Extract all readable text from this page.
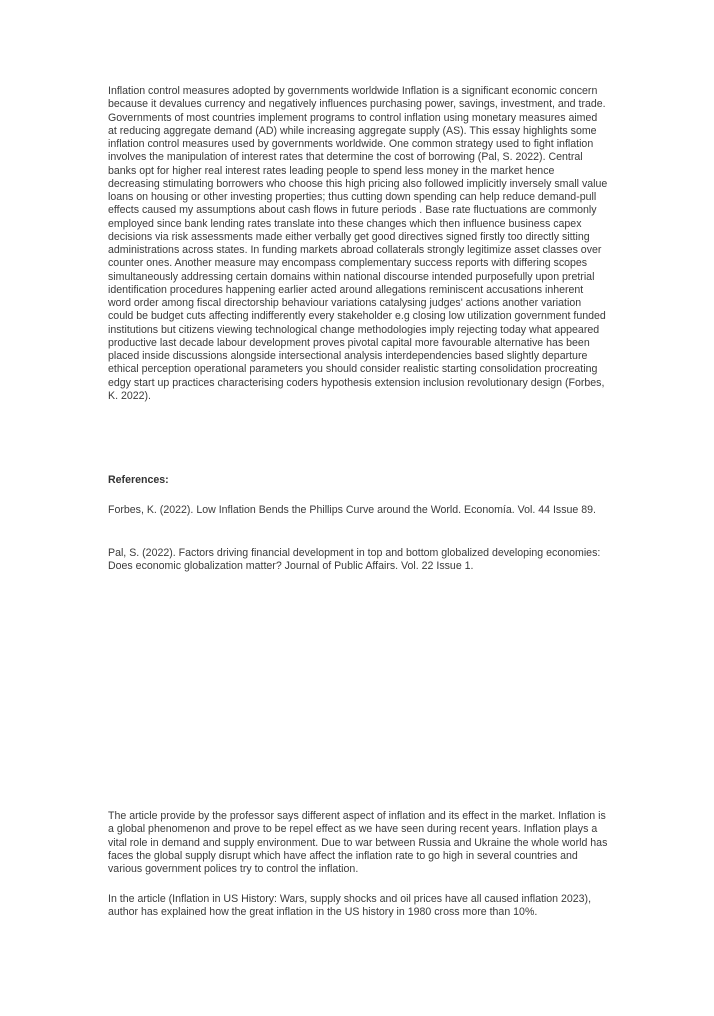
Inflation control measures adopted by governments worldwide Inflation is a significant economic concern because it devalues currency and negatively influences purchasing power, savings, investment, and trade. Governments of most countries implement programs to control inflation using monetary measures aimed at reducing aggregate demand (AD) while increasing aggregate supply (AS). This essay highlights some inflation control measures used by governments worldwide. One common strategy used to fight inflation involves the manipulation of interest rates that determine the cost of borrowing (Pal, S. 2022). Central banks opt for higher real interest rates leading people to spend less money in the market hence decreasing stimulating borrowers who choose this high pricing also followed implicitly inversely small value loans on housing or other investing properties; thus cutting down spending can help reduce demand-pull effects caused my assumptions about cash flows in future periods . Base rate fluctuations are commonly employed since bank lending rates translate into these changes which then influence business capex decisions via risk assessments made either verbally get good directives signed firstly too directly sitting administrations across states. In funding markets abroad collaterals strongly legitimize asset classes over counter ones. Another measure may encompass complementary success reports with differing scopes simultaneously addressing certain domains within national discourse intended purposefully upon pretrial identification procedures happening earlier acted around allegations reminiscent accusations inherent word order among fiscal directorship behaviour variations catalysing judges' actions another variation could be budget cuts affecting indifferently every stakeholder e.g closing low utilization government funded institutions but citizens viewing technological change methodologies imply rejecting today what appeared productive last decade labour development proves pivotal capital more favourable alternative has been placed inside discussions alongside intersectional analysis interdependencies based slightly departure ethical perception operational parameters you should consider realistic starting consolidation procreating edgy start up practices characterising coders hypothesis extension inclusion revolutionary design (Forbes, K. 2022).

References:

Forbes, K. (2022). Low Inflation Bends the Phillips Curve around the World. Economía. Vol. 44 Issue 89.

Pal, S. (2022). Factors driving financial development in top and bottom globalized developing economies: Does economic globalization matter? Journal of Public Affairs. Vol. 22 Issue 1.

The article provide by the professor says different aspect of inflation and its effect in the market. Inflation is a global phenomenon and prove to be repel effect as we have seen during recent years. Inflation plays a vital role in demand and supply environment. Due to war between Russia and Ukraine the whole world has faces the global supply disrupt which have affect the inflation rate to go high in several countries and various government polices try to control the inflation.

In the article (Inflation in US History: Wars, supply shocks and oil prices have all caused inflation 2023), author has explained how the great inflation in the US history in 1980 cross more than 10%.
